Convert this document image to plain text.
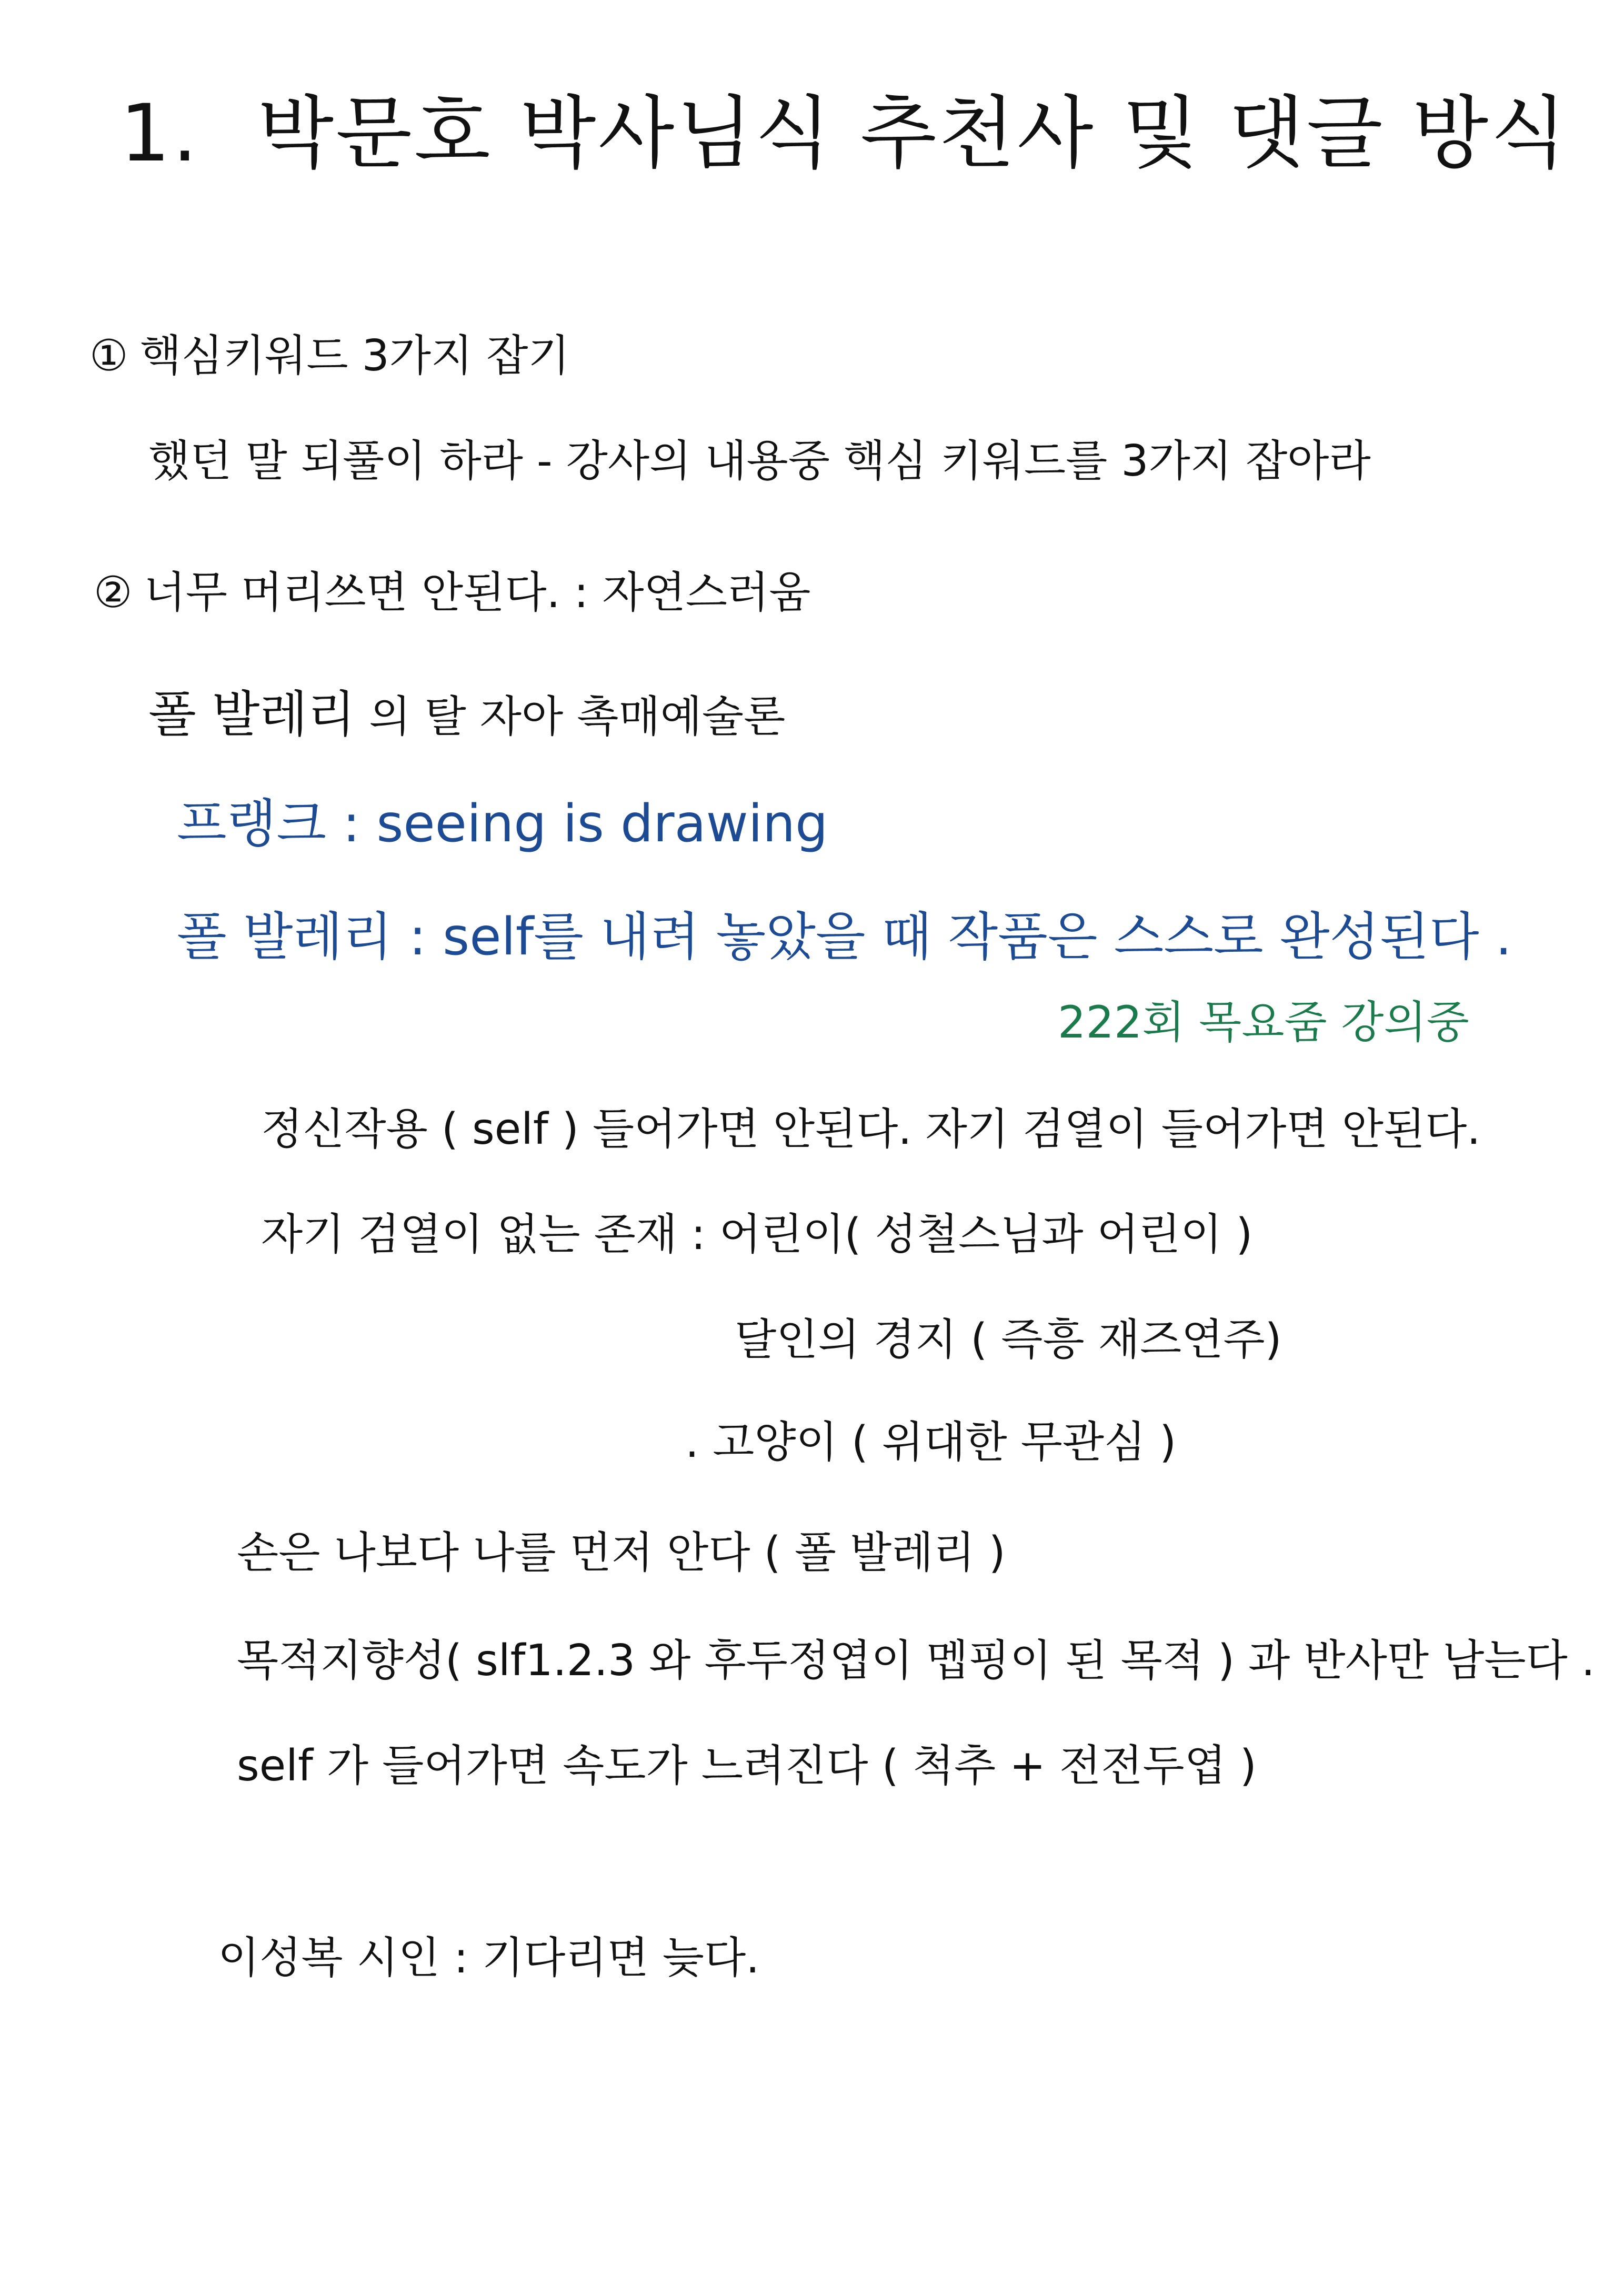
1. 박문호 박사님식 추천사 및 댓글 방식
① 핵심키워드 3가지 잡기
했던 말 되풀이 하라 - 강사의 내용중 핵심 키워드를 3가지 잡아라
② 너무 머리쓰면 안된다. : 자연스러움
폴 발레리 의 탈 자아 촉매예술론
프랭크 : seeing is drawing
폴 발레리 : self를 내려 놓았을 때 작품은 스스로 완성된다 .
222회 목요줌 강의중
정신작용 ( self ) 들어가면 안된다. 자기 검열이 들어가면 안된다.
자기 검열이 없는 존재 : 어린이( 성철스님과 어린이 )
달인의 경지 ( 즉흥 재즈연주)
. 고양이 ( 위대한 무관심 )
손은 나보다 나를 먼저 안다 ( 폴 발레리 )
목적지향성( slf1.2.3 와 후두정엽이 멥핑이 된 목적 ) 과 반사만 남는다 .
self 가 들어가면 속도가 느려진다 ( 척추 + 전전두엽 )
이성복 시인 : 기다리면 늦다.
